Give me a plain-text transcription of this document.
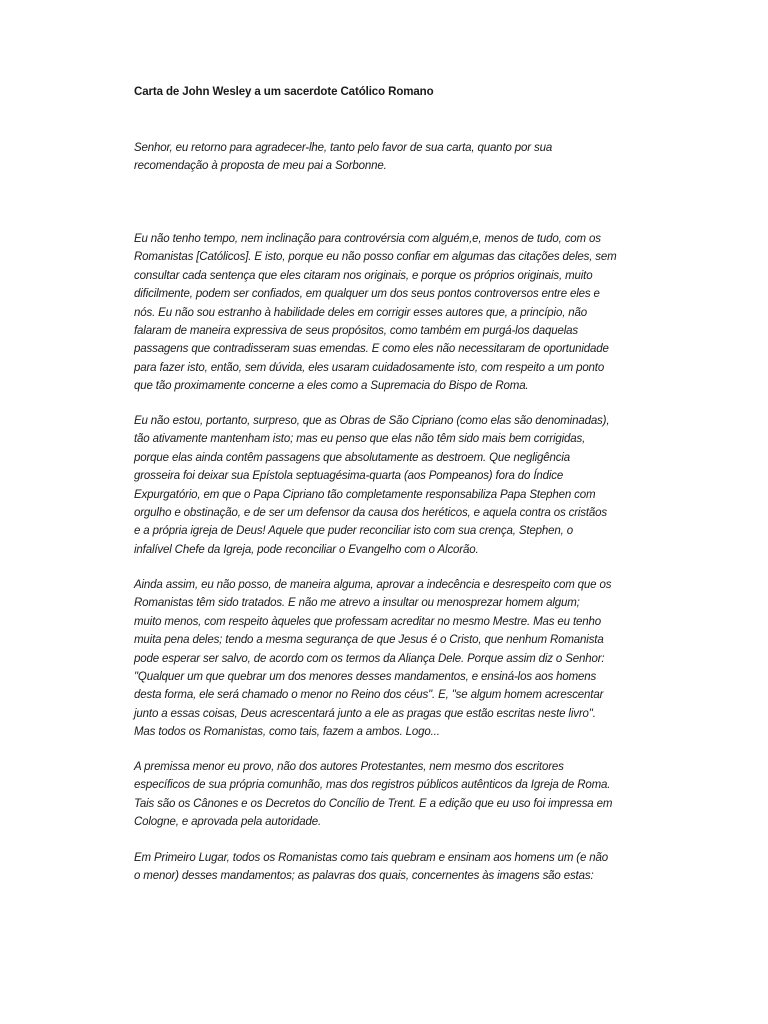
Carta de John Wesley a um sacerdote Católico Romano
Senhor, eu retorno para agradecer-lhe, tanto pelo favor de sua carta, quanto por sua
recomendação à proposta de meu pai a Sorbonne.
Eu não tenho tempo, nem inclinação para controvérsia com alguém,e, menos de tudo, com os
Romanistas [Católicos]. E isto, porque eu não posso confiar em algumas das citações deles, sem
consultar cada sentença que eles citaram nos originais, e porque os próprios originais, muito
dificilmente, podem ser confiados, em qualquer um dos seus pontos controversos entre eles e
nós. Eu não sou estranho à habilidade deles em corrigir esses autores que, a princípio, não
falaram de maneira expressiva de seus propósitos, como também em purgá-los daquelas
passagens que contradisseram suas emendas. E como eles não necessitaram de oportunidade
para fazer isto, então, sem dúvida, eles usaram cuidadosamente isto, com respeito a um ponto
que tão proximamente concerne a eles como a Supremacia do Bispo de Roma.
Eu não estou, portanto, surpreso, que as Obras de São Cipriano (como elas são denominadas),
tão ativamente mantenham isto; mas eu penso que elas não têm sido mais bem corrigidas,
porque elas ainda contêm passagens que absolutamente as destroem. Que negligência
grosseira foi deixar sua Epístola septuagésima-quarta (aos Pompeanos) fora do Índice
Expurgatório, em que o Papa Cipriano tão completamente responsabiliza Papa Stephen com
orgulho e obstinação, e de ser um defensor da causa dos heréticos, e aquela contra os cristãos
e a própria igreja de Deus! Aquele que puder reconciliar isto com sua crença, Stephen, o
infalível Chefe da Igreja, pode reconciliar o Evangelho com o Alcorão.
Ainda assim, eu não posso, de maneira alguma, aprovar a indecência e desrespeito com que os
Romanistas têm sido tratados. E não me atrevo a insultar ou menosprezar homem algum;
muito menos, com respeito àqueles que professam acreditar no mesmo Mestre. Mas eu tenho
muita pena deles; tendo a mesma segurança de que Jesus é o Cristo, que nenhum Romanista
pode esperar ser salvo, de acordo com os termos da Aliança Dele. Porque assim diz o Senhor:
"Qualquer um que quebrar um dos menores desses mandamentos, e ensiná-los aos homens
desta forma, ele será chamado o menor no Reino dos céus". E, "se algum homem acrescentar
junto a essas coisas, Deus acrescentará junto a ele as pragas que estão escritas neste livro".
Mas todos os Romanistas, como tais, fazem a ambos. Logo...
A premissa menor eu provo, não dos autores Protestantes, nem mesmo dos escritores
específicos de sua própria comunhão, mas dos registros públicos autênticos da Igreja de Roma.
Tais são os Cânones e os Decretos do Concílio de Trent. E a edição que eu uso foi impressa em
Cologne, e aprovada pela autoridade.
Em Primeiro Lugar, todos os Romanistas como tais quebram e ensinam aos homens um (e não
o menor) desses mandamentos; as palavras dos quais, concernentes às imagens são estas:
